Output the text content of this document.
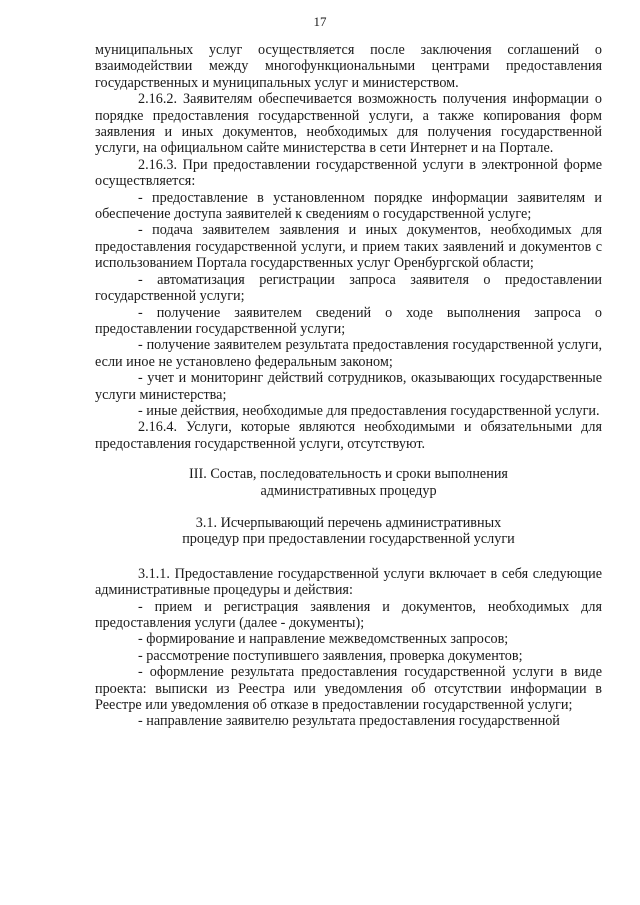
17

муниципальных услуг осуществляется после заключения соглашений о взаимодействии между многофункциональными центрами предоставления государственных и муниципальных услуг и министерством.

2.16.2. Заявителям обеспечивается возможность получения информации о порядке предоставления государственной услуги, а также копирования форм заявления и иных документов, необходимых для получения государственной услуги, на официальном сайте министерства в сети Интернет и на Портале.

2.16.3. При предоставлении государственной услуги в электронной форме осуществляется:

- предоставление в установленном порядке информации заявителям и обеспечение доступа заявителей к сведениям о государственной услуге;

- подача заявителем заявления и иных документов, необходимых для предоставления государственной услуги, и прием таких заявлений и документов с использованием Портала государственных услуг Оренбургской области;

- автоматизация регистрации запроса заявителя о предоставлении государственной услуги;

- получение заявителем сведений о ходе выполнения запроса о предоставлении государственной услуги;

- получение заявителем результата предоставления государственной услуги, если иное не установлено федеральным законом;

- учет и мониторинг действий сотрудников, оказывающих государственные услуги министерства;

- иные действия, необходимые для предоставления государственной услуги.

2.16.4. Услуги, которые являются необходимыми и обязательными для предоставления государственной услуги, отсутствуют.

III. Состав, последовательность и сроки выполнения

административных процедур

3.1. Исчерпывающий перечень административных

процедур при предоставлении государственной услуги

3.1.1. Предоставление государственной услуги включает в себя следующие административные процедуры и действия:

- прием и регистрация заявления и документов, необходимых для предоставления услуги (далее - документы);

- формирование и направление межведомственных запросов;

- рассмотрение поступившего заявления, проверка документов;

- оформление результата предоставления государственной услуги в виде проекта: выписки из Реестра или уведомления об отсутствии информации в Реестре или уведомления об отказе в предоставлении государственной услуги;

- направление заявителю результата предоставления государственной
